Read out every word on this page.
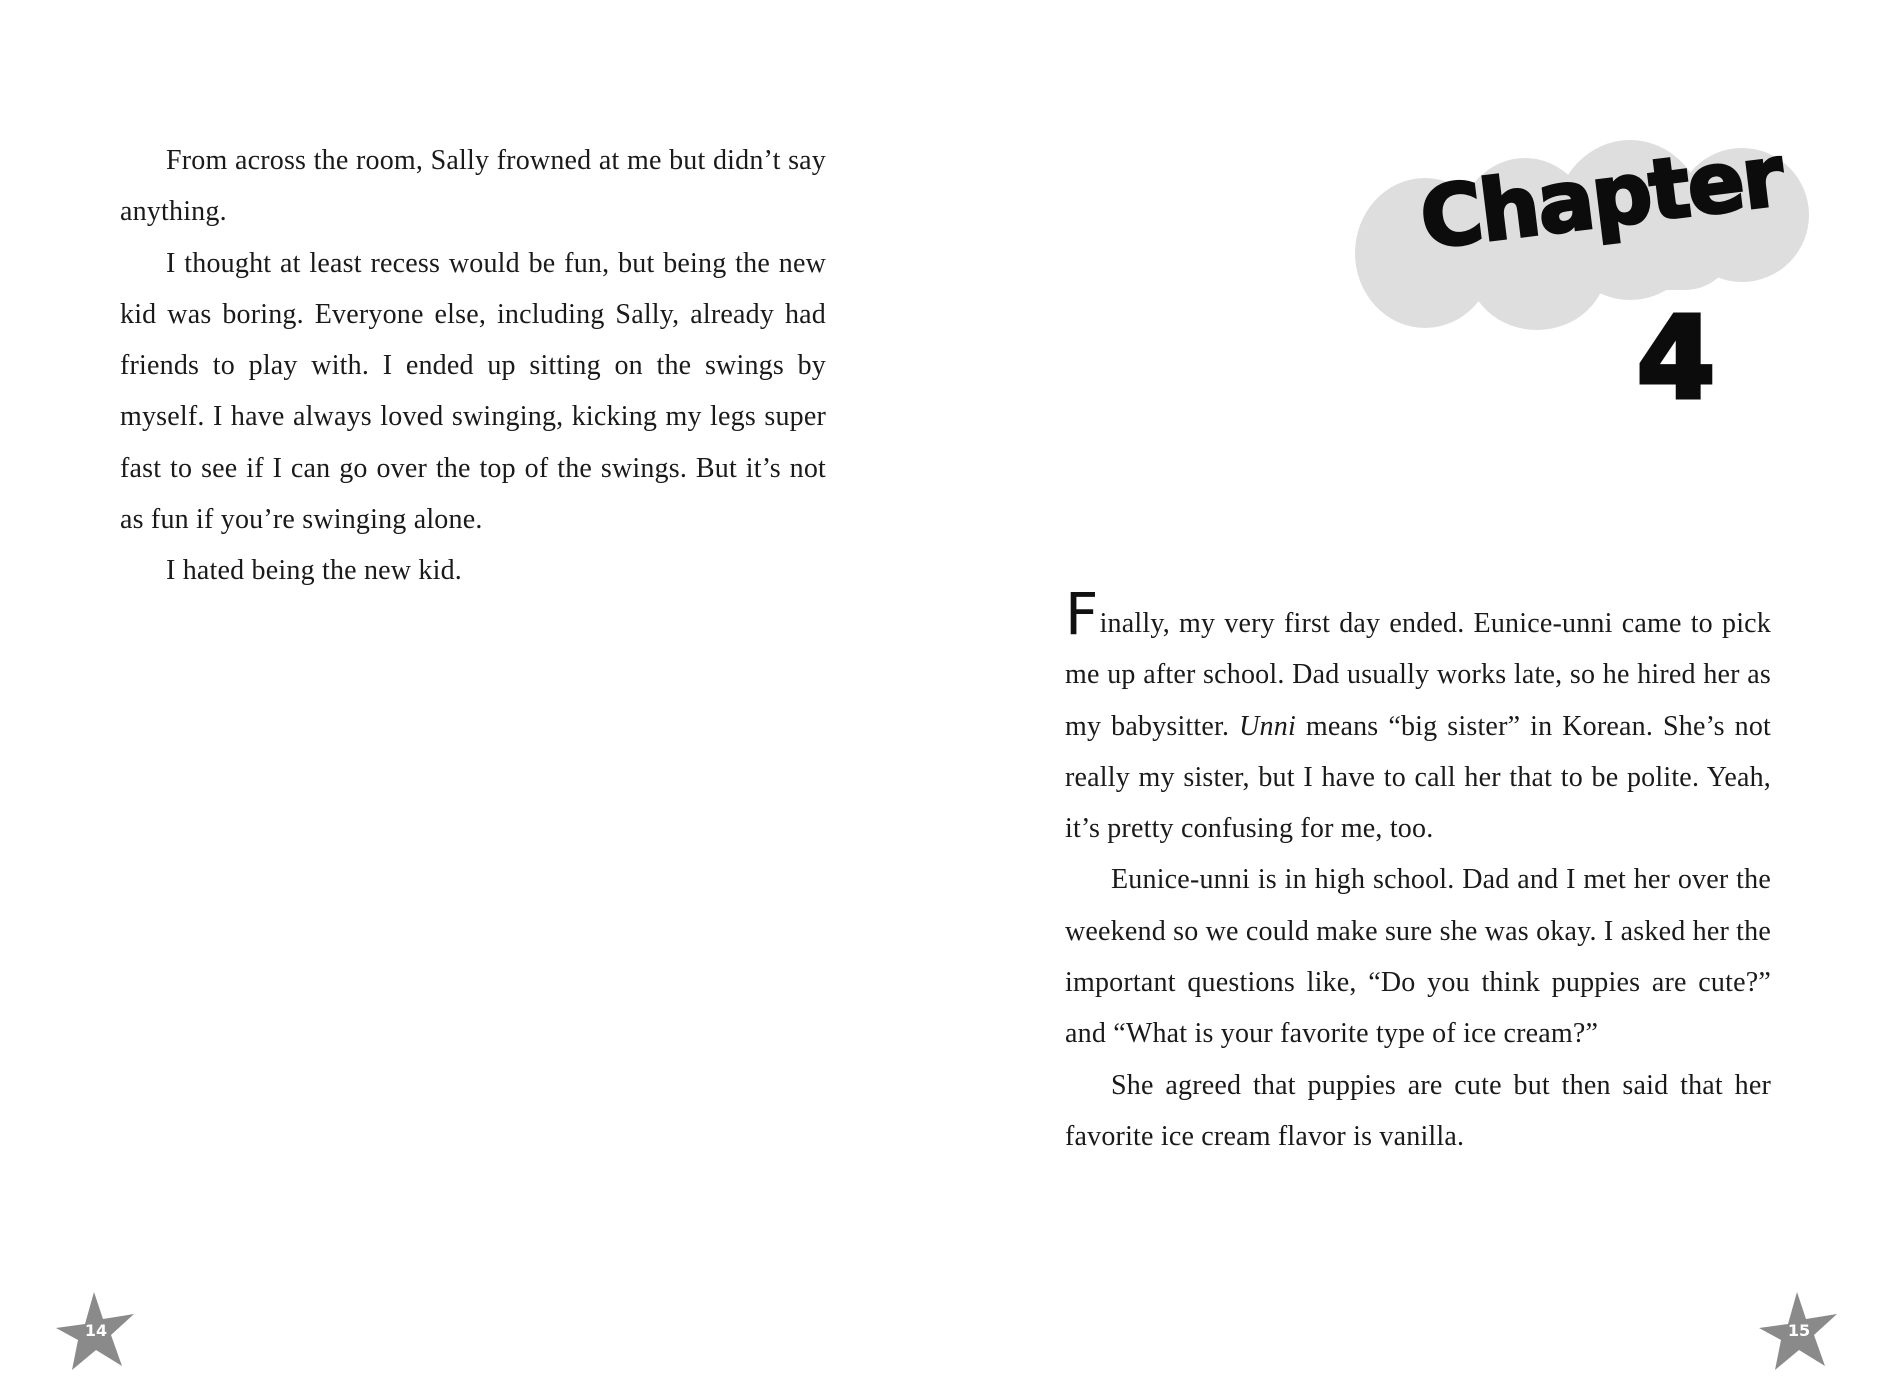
From across the room, Sally frowned at me but didn’t say anything.

I thought at least recess would be fun, but being the new kid was boring. Everyone else, including Sally, already had friends to play with. I ended up sitting on the swings by myself. I have always loved swinging, kicking my legs super fast to see if I can go over the top of the swings. But it’s not as fun if you’re swinging alone.

I hated being the new kid.

14
Chapter
4

Finally, my very first day ended. Eunice-unni came to pick me up after school. Dad usually works late, so he hired her as my babysitter. Unni means “big sister” in Korean. She’s not really my sister, but I have to call her that to be polite. Yeah, it’s pretty confusing for me, too.

Eunice-unni is in high school. Dad and I met her over the weekend so we could make sure she was okay. I asked her the important questions like, “Do you think puppies are cute?” and “What is your favorite type of ice cream?”

She agreed that puppies are cute but then said that her favorite ice cream flavor is vanilla.

15
